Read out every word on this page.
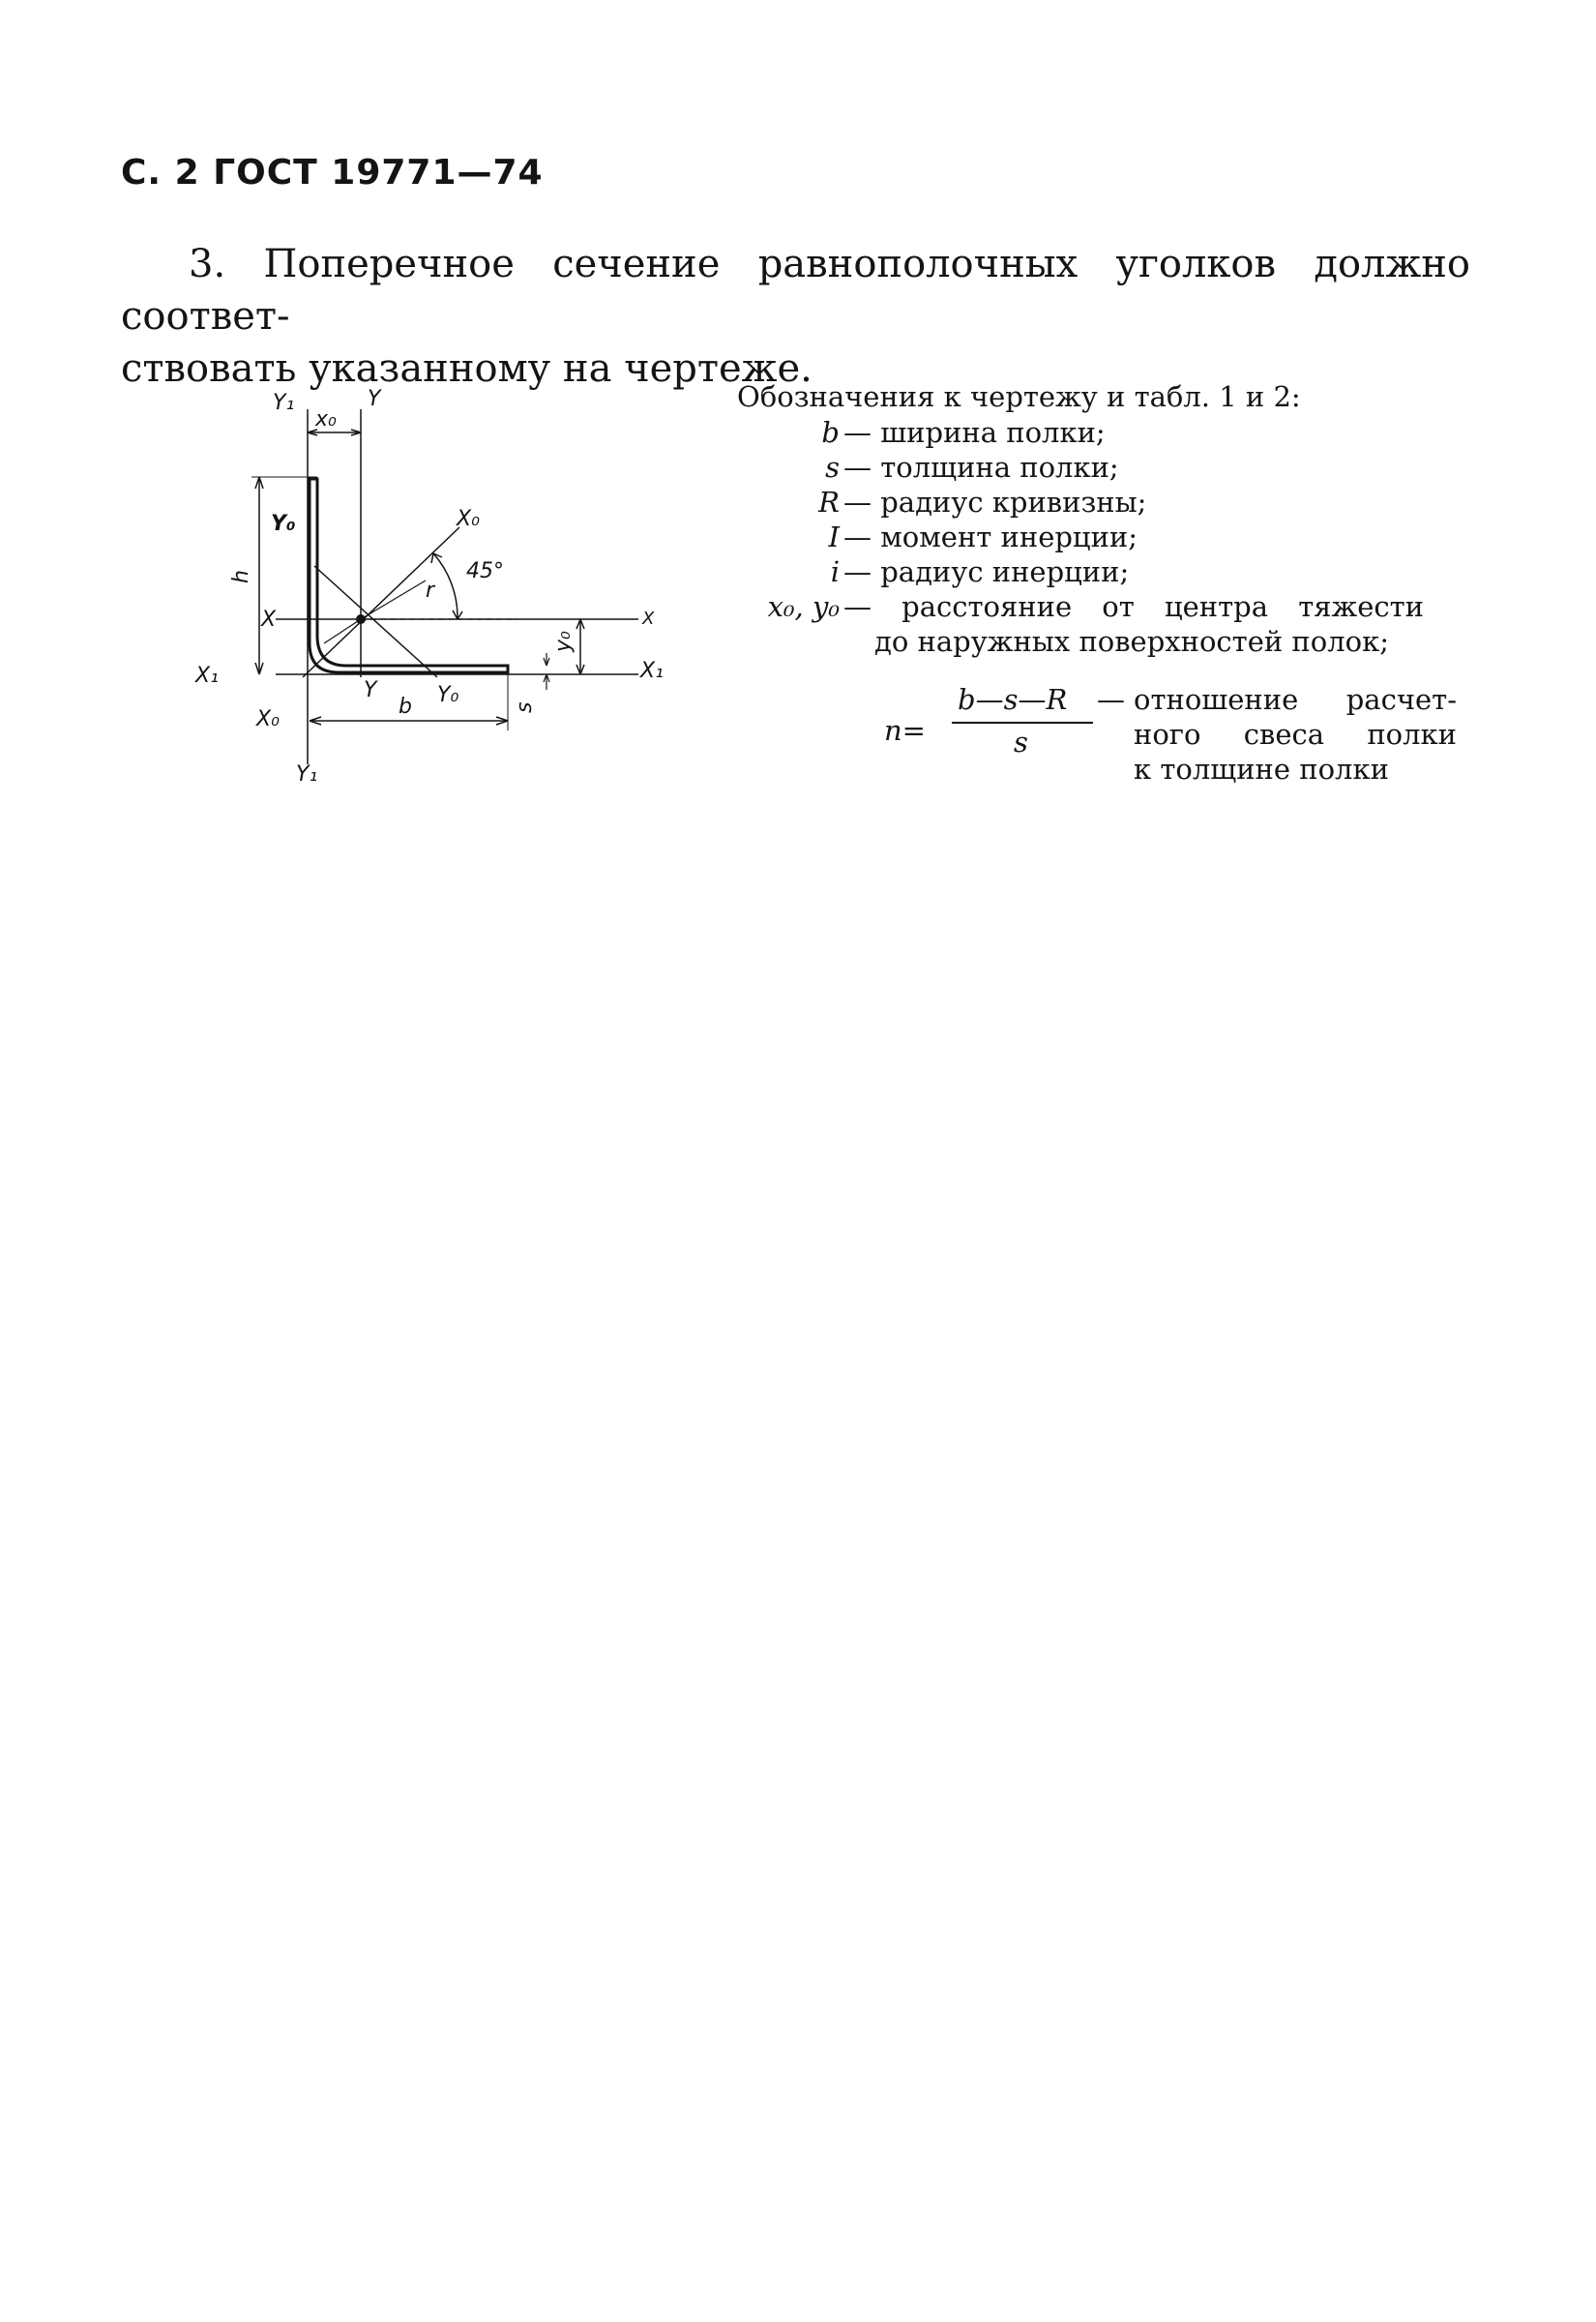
С. 2 ГОСТ 19771—74
3. Поперечное сечение равнополочных уголков должно соответ-
ствовать указанному на чертеже.
Y₁
x₀
Y
Y₀	X₀
45°
r
h
X	X
X₁	X₁
y₀
Y	Y₀
X₀
b	s
Y₁
Обозначения к чертежу и табл. 1 и 2:
b — ширина полки;
s — толщина полки;
R — радиус кривизны;
I — момент инерции;
i — радиус инерции;
x₀, y₀ — расстояние от центра тяжести
до наружных поверхностей полок;
n=
b—s—R
s
— отношение расчет-
ного свеса полки
к толщине полки
